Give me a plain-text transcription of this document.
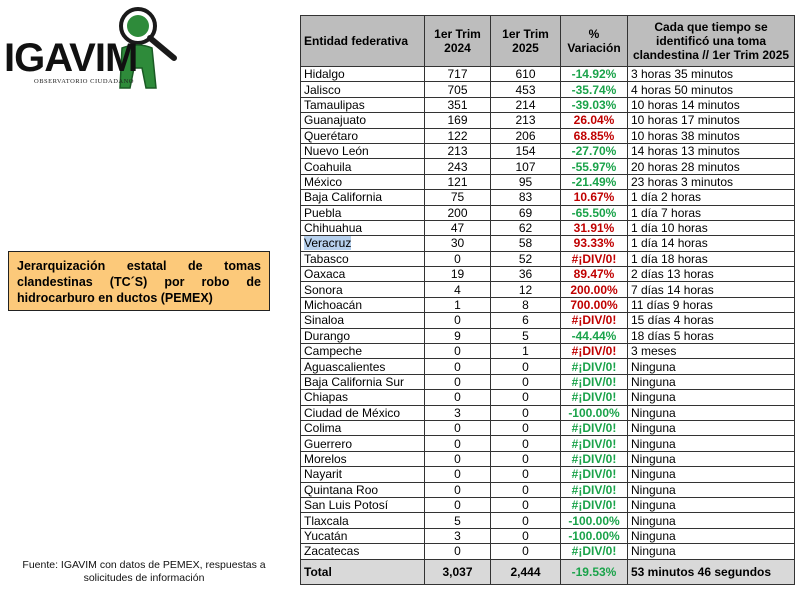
IGAVIM
OBSERVATORIO CIUDADANO
Jerarquización estatal de tomas clandestinas (TC´S) por robo de hidrocarburo en ductos (PEMEX)
Fuente: IGAVIM con datos de PEMEX, respuestas a solicitudes de información
Entidad federativa	1er Trim 2024	1er Trim 2025	% Variación	Cada que tiempo se identificó una toma clandestina // 1er Trim 2025
Hidalgo	717	610	-14.92%	3 horas 35 minutos
Jalisco	705	453	-35.74%	4 horas 50 minutos
Tamaulipas	351	214	-39.03%	10 horas 14 minutos
Guanajuato	169	213	26.04%	10 horas 17 minutos
Querétaro	122	206	68.85%	10 horas 38 minutos
Nuevo León	213	154	-27.70%	14 horas 13 minutos
Coahuila	243	107	-55.97%	20 horas 28 minutos
México	121	95	-21.49%	23 horas 3 minutos
Baja California	75	83	10.67%	1 día 2 horas
Puebla	200	69	-65.50%	1 día 7 horas
Chihuahua	47	62	31.91%	1 día 10 horas
Veracruz	30	58	93.33%	1 día 14 horas
Tabasco	0	52	#¡DIV/0!	1 día 18 horas
Oaxaca	19	36	89.47%	2 días 13 horas
Sonora	4	12	200.00%	7 días 14 horas
Michoacán	1	8	700.00%	11 días 9 horas
Sinaloa	0	6	#¡DIV/0!	15 días 4 horas
Durango	9	5	-44.44%	18 días 5 horas
Campeche	0	1	#¡DIV/0!	3 meses
Aguascalientes	0	0	#¡DIV/0!	Ninguna
Baja California Sur	0	0	#¡DIV/0!	Ninguna
Chiapas	0	0	#¡DIV/0!	Ninguna
Ciudad de México	3	0	-100.00%	Ninguna
Colima	0	0	#¡DIV/0!	Ninguna
Guerrero	0	0	#¡DIV/0!	Ninguna
Morelos	0	0	#¡DIV/0!	Ninguna
Nayarit	0	0	#¡DIV/0!	Ninguna
Quintana Roo	0	0	#¡DIV/0!	Ninguna
San Luis Potosí	0	0	#¡DIV/0!	Ninguna
Tlaxcala	5	0	-100.00%	Ninguna
Yucatán	3	0	-100.00%	Ninguna
Zacatecas	0	0	#¡DIV/0!	Ninguna
Total	3,037	2,444	-19.53%	53 minutos 46 segundos
